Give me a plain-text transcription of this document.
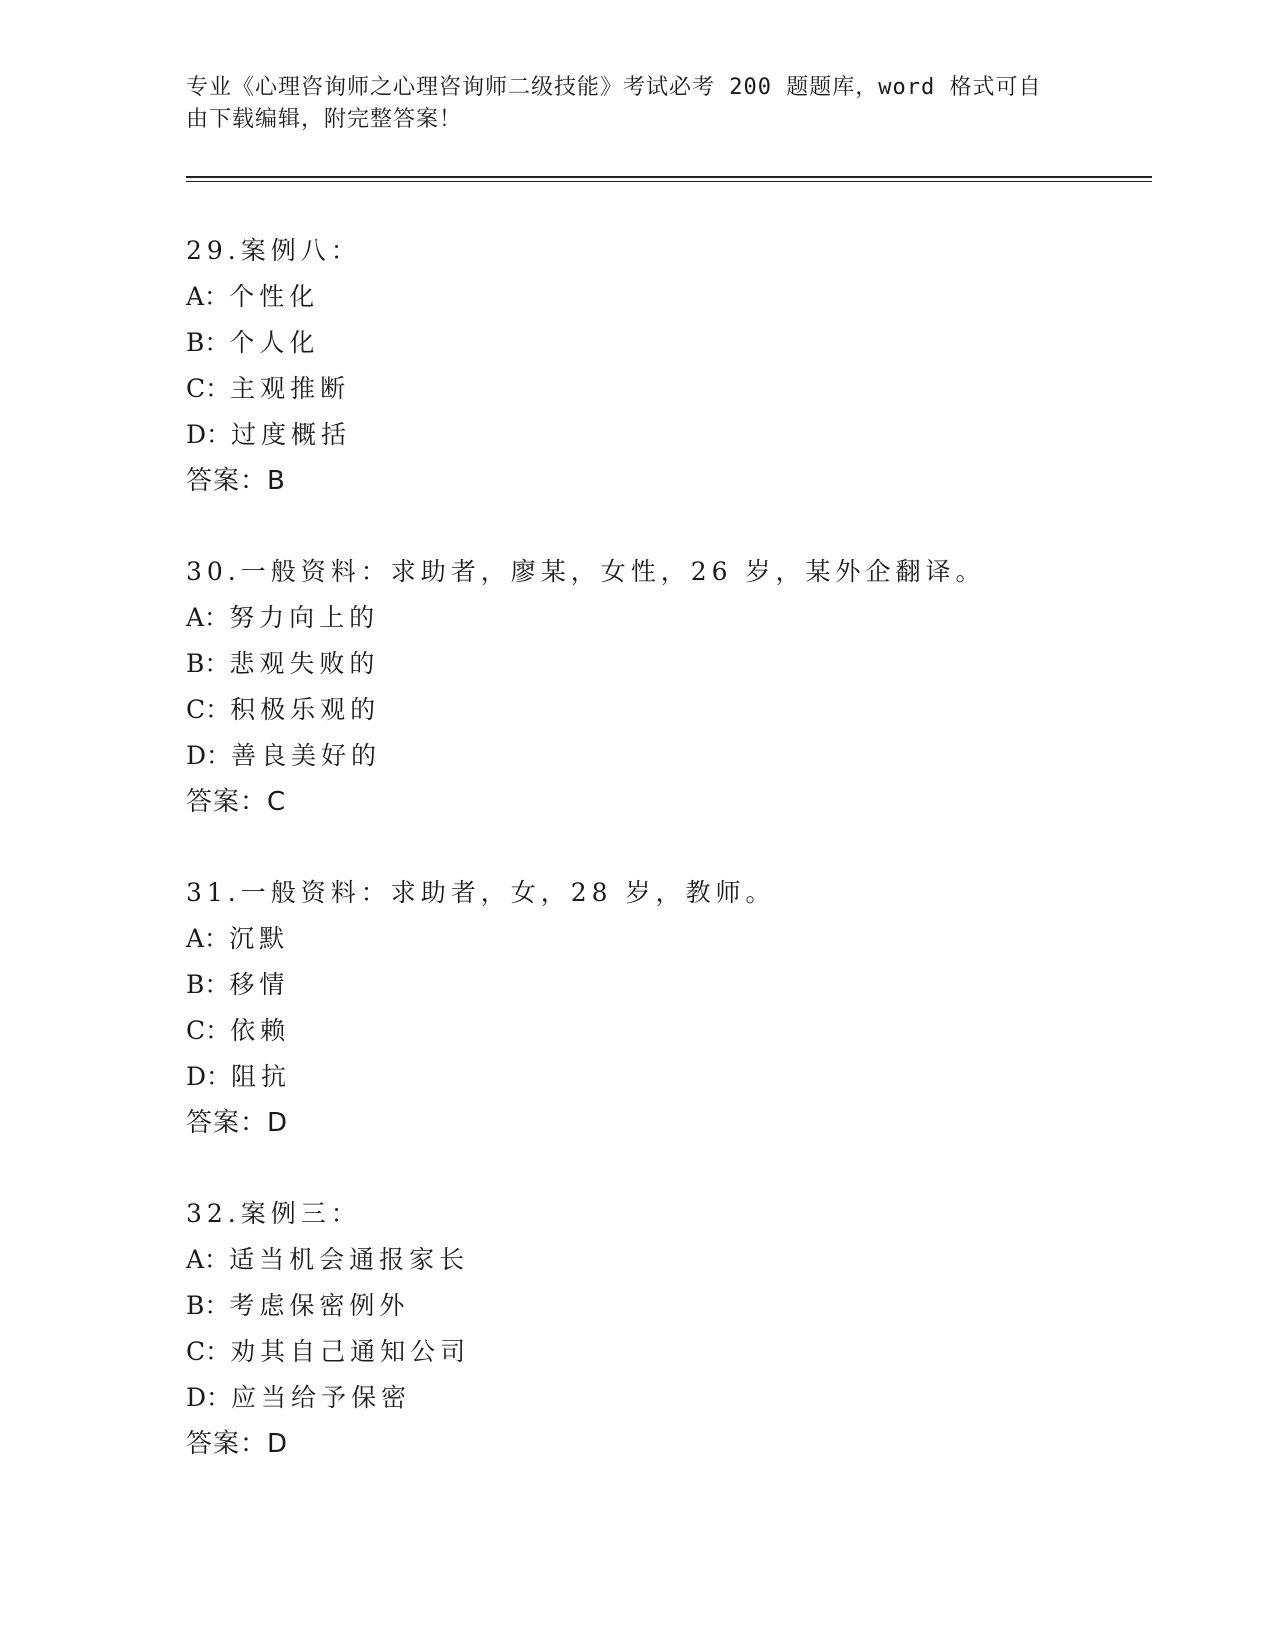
专业《心理咨询师之心理咨询师二级技能》考试必考 200 题题库，word 格式可自
由下载编辑，附完整答案！
29.案例八：
A：个性化
B：个人化
C：主观推断
D：过度概括
答案：B
30.一般资料：求助者，廖某，女性，26 岁，某外企翻译。
A：努力向上的
B：悲观失败的
C：积极乐观的
D：善良美好的
答案：C
31.一般资料：求助者，女，28 岁，教师。
A：沉默
B：移情
C：依赖
D：阻抗
答案：D
32.案例三：
A：适当机会通报家长
B：考虑保密例外
C：劝其自己通知公司
D：应当给予保密
答案：D
